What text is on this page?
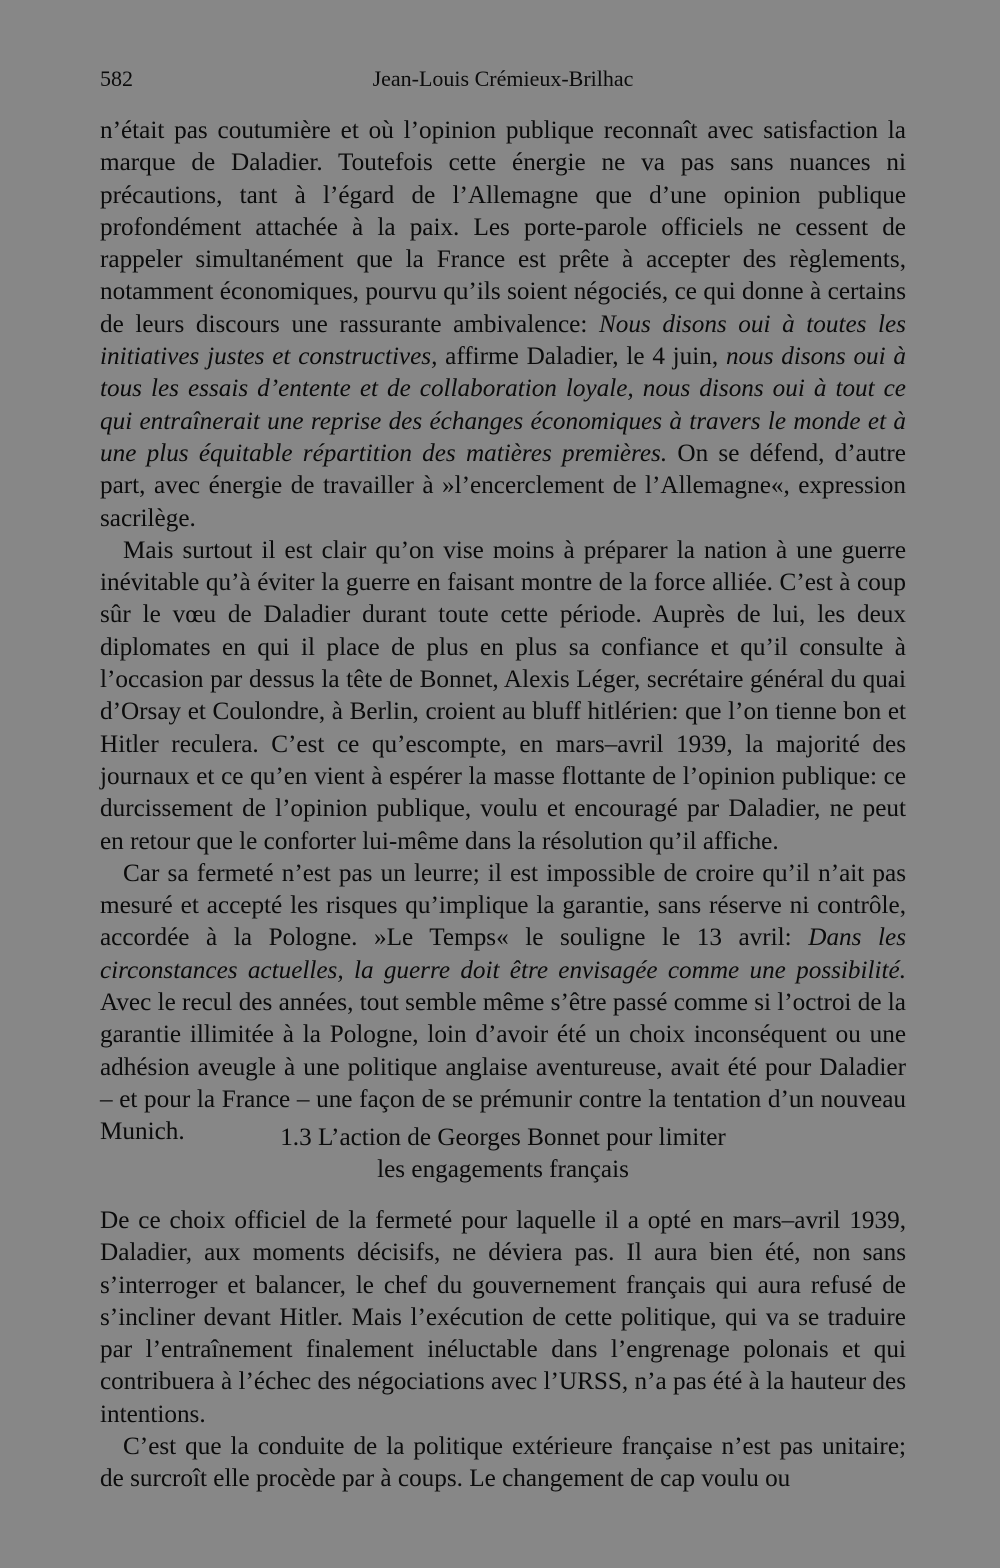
582	Jean-Louis Crémieux-Brilhac

n’était pas coutumière et où l’opinion publique reconnaît avec satisfaction la marque de Daladier. Toutefois cette énergie ne va pas sans nuances ni précautions, tant à l’égard de l’Allemagne que d’une opinion publique profondément attachée à la paix. Les porte-parole officiels ne cessent de rappeler simultanément que la France est prête à accepter des règlements, notamment économiques, pourvu qu’ils soient négociés, ce qui donne à certains de leurs discours une rassurante ambivalence: Nous disons oui à toutes les initiatives justes et constructives, affirme Daladier, le 4 juin, nous disons oui à tous les essais d’entente et de collaboration loyale, nous disons oui à tout ce qui entraînerait une reprise des échanges économiques à travers le monde et à une plus équitable répartition des matières premières. On se défend, d’autre part, avec énergie de travailler à »l’encerclement de l’Allemagne«, expression sacrilège.

Mais surtout il est clair qu’on vise moins à préparer la nation à une guerre inévitable qu’à éviter la guerre en faisant montre de la force alliée. C’est à coup sûr le vœu de Daladier durant toute cette période. Auprès de lui, les deux diplomates en qui il place de plus en plus sa confiance et qu’il consulte à l’occasion par dessus la tête de Bonnet, Alexis Léger, secrétaire général du quai d’Orsay et Coulondre, à Berlin, croient au bluff hitlérien: que l’on tienne bon et Hitler reculera. C’est ce qu’escompte, en mars–avril 1939, la majorité des journaux et ce qu’en vient à espérer la masse flottante de l’opinion publique: ce durcissement de l’opinion publique, voulu et encouragé par Daladier, ne peut en retour que le conforter lui-même dans la résolution qu’il affiche.

Car sa fermeté n’est pas un leurre; il est impossible de croire qu’il n’ait pas mesuré et accepté les risques qu’implique la garantie, sans réserve ni contrôle, accordée à la Pologne. »Le Temps« le souligne le 13 avril: Dans les circonstances actuelles, la guerre doit être envisagée comme une possibilité. Avec le recul des années, tout semble même s’être passé comme si l’octroi de la garantie illimitée à la Pologne, loin d’avoir été un choix inconséquent ou une adhésion aveugle à une politique anglaise aventureuse, avait été pour Daladier – et pour la France – une façon de se prémunir contre la tentation d’un nouveau Munich.	1.3 L’action de Georges Bonnet pour limiter
les engagements français

De ce choix officiel de la fermeté pour laquelle il a opté en mars–avril 1939, Daladier, aux moments décisifs, ne déviera pas. Il aura bien été, non sans s’interroger et balancer, le chef du gouvernement français qui aura refusé de s’incliner devant Hitler. Mais l’exécution de cette politique, qui va se traduire par l’entraînement finalement inéluctable dans l’engrenage polonais et qui contribuera à l’échec des négociations avec l’URSS, n’a pas été à la hauteur des intentions.

C’est que la conduite de la politique extérieure française n’est pas unitaire; de surcroît elle procède par à coups. Le changement de cap voulu ou
